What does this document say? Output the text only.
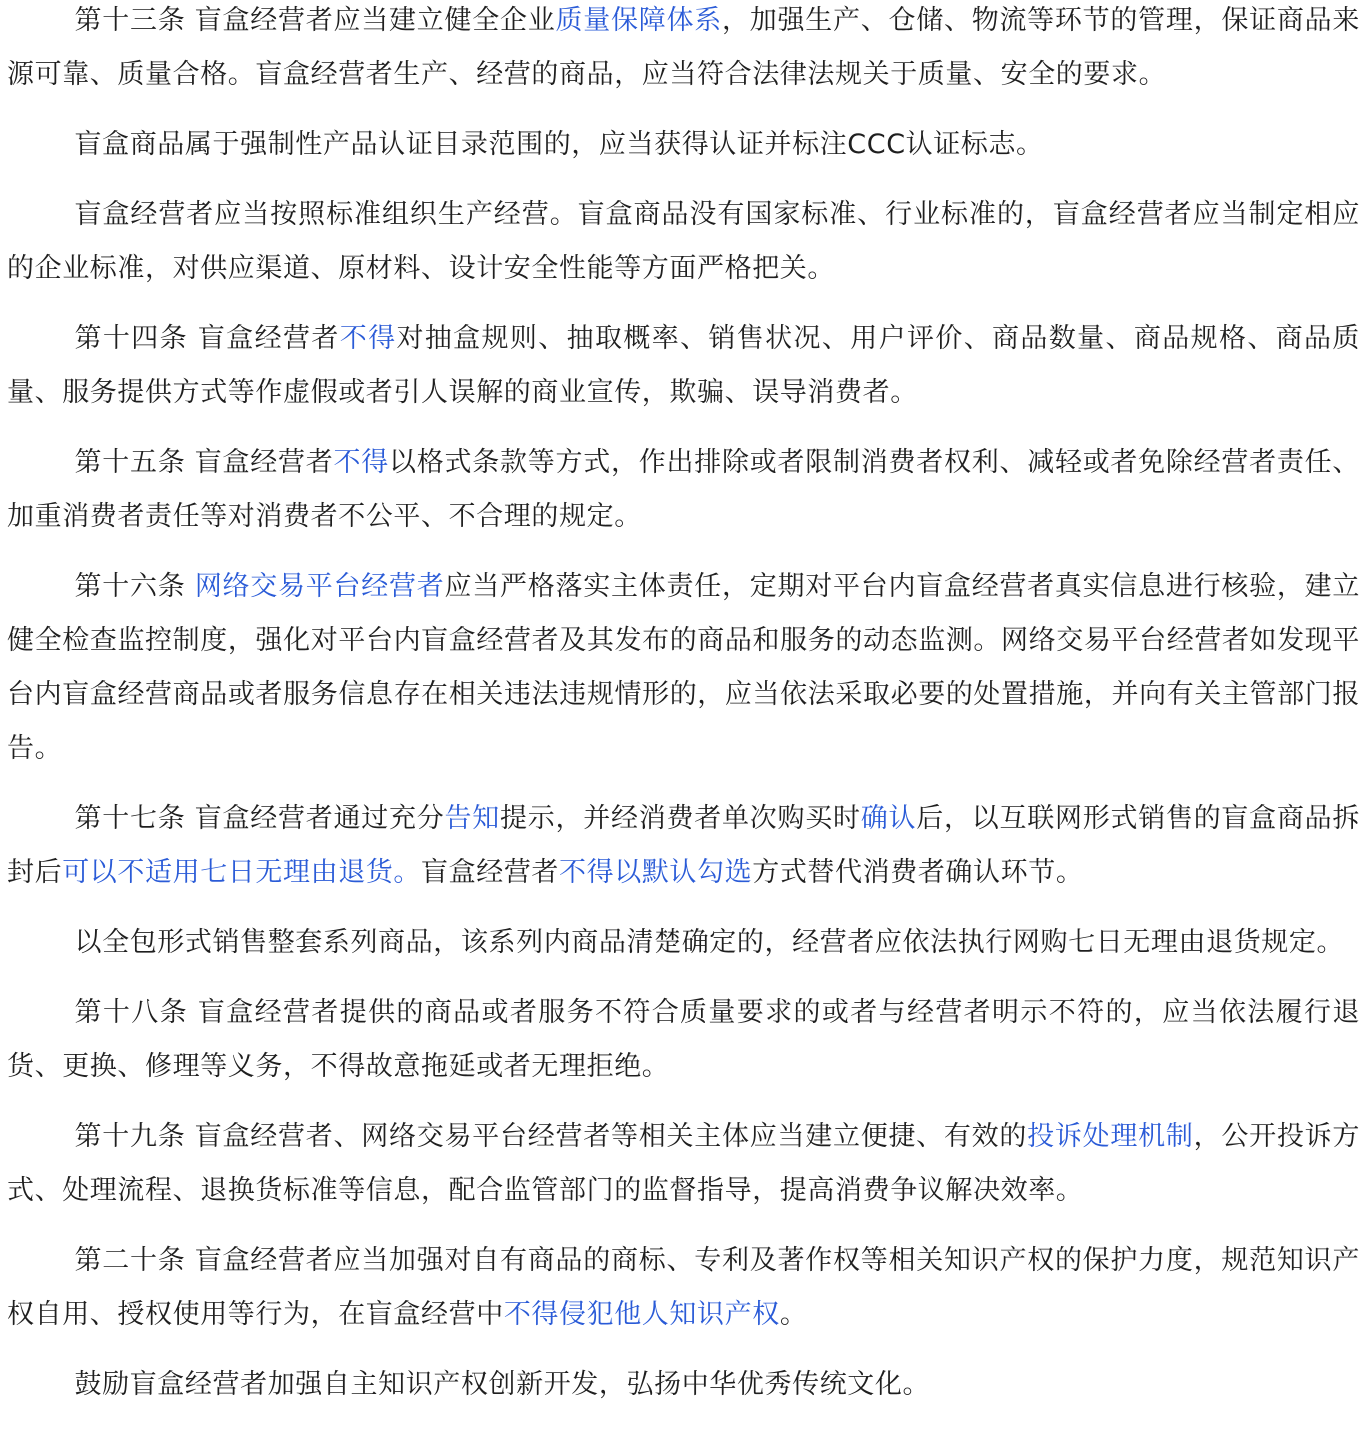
第十三条 盲盒经营者应当建立健全企业质量保障体系，加强生产、仓储、物流等环节的管理，保证商品来源可靠、质量合格。盲盒经营者生产、经营的商品，应当符合法律法规关于质量、安全的要求。

盲盒商品属于强制性产品认证目录范围的，应当获得认证并标注CCC认证标志。

盲盒经营者应当按照标准组织生产经营。盲盒商品没有国家标准、行业标准的，盲盒经营者应当制定相应的企业标准，对供应渠道、原材料、设计安全性能等方面严格把关。

第十四条 盲盒经营者不得对抽盒规则、抽取概率、销售状况、用户评价、商品数量、商品规格、商品质量、服务提供方式等作虚假或者引人误解的商业宣传，欺骗、误导消费者。

第十五条 盲盒经营者不得以格式条款等方式，作出排除或者限制消费者权利、减轻或者免除经营者责任、加重消费者责任等对消费者不公平、不合理的规定。

第十六条 网络交易平台经营者应当严格落实主体责任，定期对平台内盲盒经营者真实信息进行核验，建立健全检查监控制度，强化对平台内盲盒经营者及其发布的商品和服务的动态监测。网络交易平台经营者如发现平台内盲盒经营商品或者服务信息存在相关违法违规情形的，应当依法采取必要的处置措施，并向有关主管部门报告。

第十七条 盲盒经营者通过充分告知提示，并经消费者单次购买时确认后，以互联网形式销售的盲盒商品拆封后可以不适用七日无理由退货。盲盒经营者不得以默认勾选方式替代消费者确认环节。

以全包形式销售整套系列商品，该系列内商品清楚确定的，经营者应依法执行网购七日无理由退货规定。

第十八条 盲盒经营者提供的商品或者服务不符合质量要求的或者与经营者明示不符的，应当依法履行退货、更换、修理等义务，不得故意拖延或者无理拒绝。

第十九条 盲盒经营者、网络交易平台经营者等相关主体应当建立便捷、有效的投诉处理机制，公开投诉方式、处理流程、退换货标准等信息，配合监管部门的监督指导，提高消费争议解决效率。

第二十条 盲盒经营者应当加强对自有商品的商标、专利及著作权等相关知识产权的保护力度，规范知识产权自用、授权使用等行为，在盲盒经营中不得侵犯他人知识产权。

鼓励盲盒经营者加强自主知识产权创新开发，弘扬中华优秀传统文化。
